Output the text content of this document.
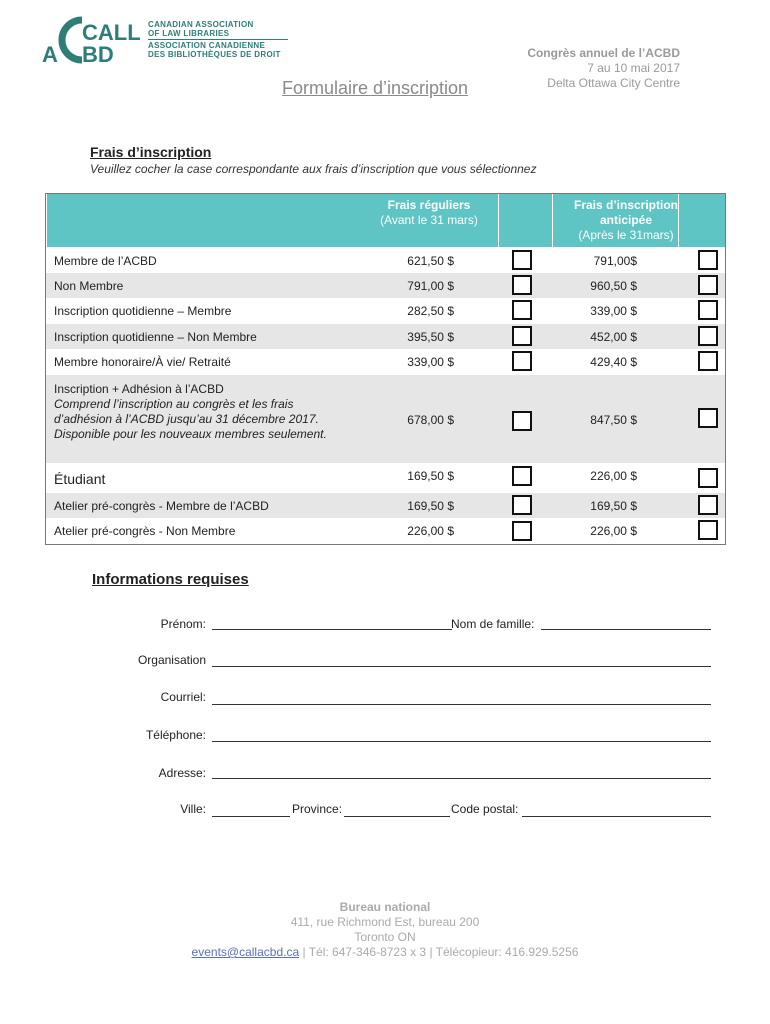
CALL
A BD
CANADIAN ASSOCIATION
OF LAW LIBRARIES
ASSOCIATION CANADIENNE
DES BIBLIOTHÈQUES DE DROIT	Congrès annuel de l’ACBD
7 au 10 mai 2017
Delta Ottawa City Centre
Formulaire d’inscription
Frais d’inscription
Veuillez cocher la case correspondante aux frais d’inscription que vous sélectionnez
Frais réguliers
(Avant le 31 mars)
Frais d’inscription
anticipée
(Après le 31mars)
Membre de l’ACBD	621,50 $	791,00$
Non Membre	791,00 $	960,50 $
Inscription quotidienne – Membre	282,50 $	339,00 $
Inscription quotidienne – Non Membre	395,50 $	452,00 $
Membre honoraire/À vie/ Retraité	339,00 $	429,40 $
Inscription + Adhésion à l’ACBD
Comprend l’inscription au congrès et les frais
d’adhésion à l’ACBD jusqu’au 31 décembre 2017.
Disponible pour les nouveaux membres seulement.
678,00 $	847,50 $
Étudiant	169,50 $	226,00 $
Atelier pré-congrès - Membre de l’ACBD	169,50 $	169,50 $
Atelier pré-congrès - Non Membre	226,00 $	226,00 $
Informations requises
Prénom:	Nom de famille:
Organisation
Courriel:
Téléphone:
Adresse:
Ville:	Province:	Code postal:
Bureau national
411, rue Richmond Est, bureau 200
Toronto ON
events@callacbd.ca | Tél: 647-346-8723 x 3 | Télécopieur: 416.929.5256
